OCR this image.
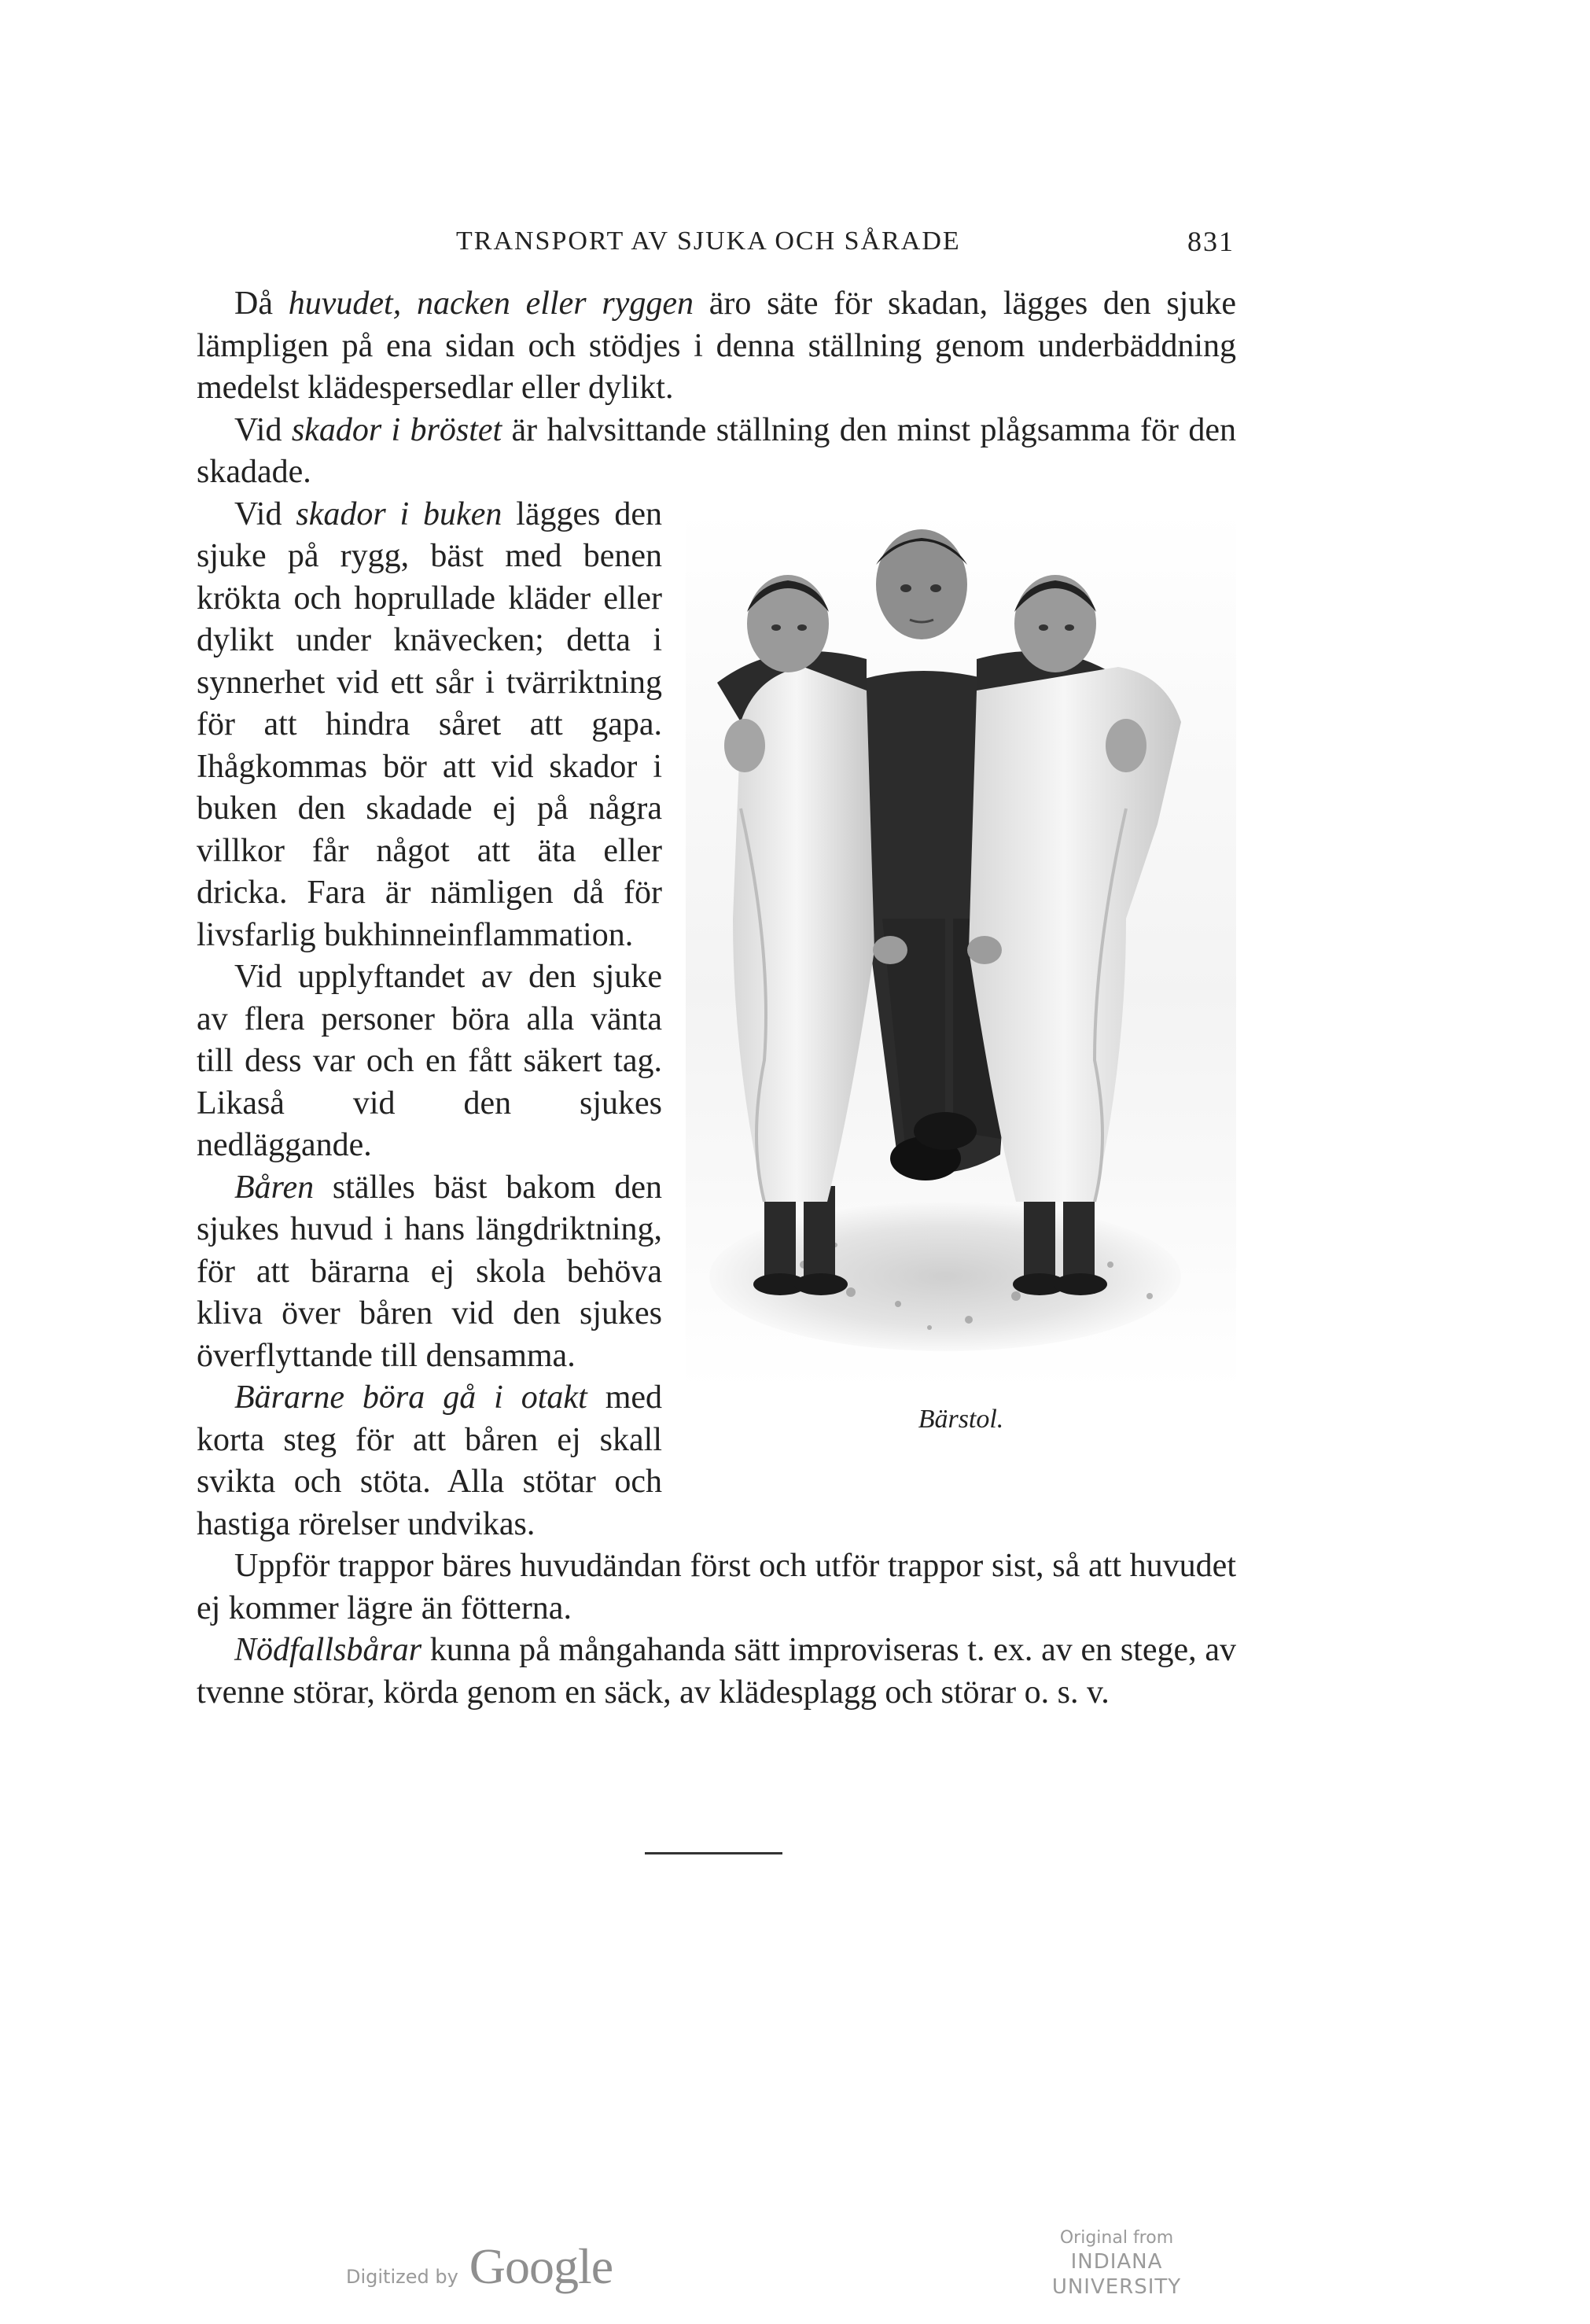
TRANSPORT AV SJUKA OCH SÅRADE	831

Då huvudet, nacken eller ryggen äro säte för skadan, lägges den sjuke lämpligen på ena sidan och stödjes i denna ställning genom underbäddning medelst klädespersedlar eller dylikt.

Vid skador i bröstet är halvsittande ställning den minst plågsamma för den skadade.

Bärstol.

Vid skador i buken lägges den sjuke på rygg, bäst med benen krökta och hoprullade kläder eller dylikt under knävecken; detta i synnerhet vid ett sår i tvärriktning för att hindra såret att gapa. Ihågkommas bör att vid skador i buken den skadade ej på några villkor får något att äta eller dricka. Fara är nämligen då för livsfarlig bukhinneinflammation.

Vid upplyftandet av den sjuke av flera personer böra alla vänta till dess var och en fått säkert tag. Likaså vid den sjukes nedläggande.

Båren ställes bäst bakom den sjukes huvud i hans längdriktning, för att bärarna ej skola behöva kliva över båren vid den sjukes överflyttande till densamma.

Bärarne böra gå i otakt med korta steg för att båren ej skall svikta och stöta. Alla stötar och hastiga rörelser undvikas.

Uppför trappor bäres huvudändan först och utför trappor sist, så att huvudet ej kommer lägre än fötterna.

Nödfallsbårar kunna på mångahanda sätt improviseras t. ex. av en stege, av tvenne störar, körda genom en säck, av klädesplagg och störar o. s. v.

Digitized by Google
Original from
INDIANA UNIVERSITY
